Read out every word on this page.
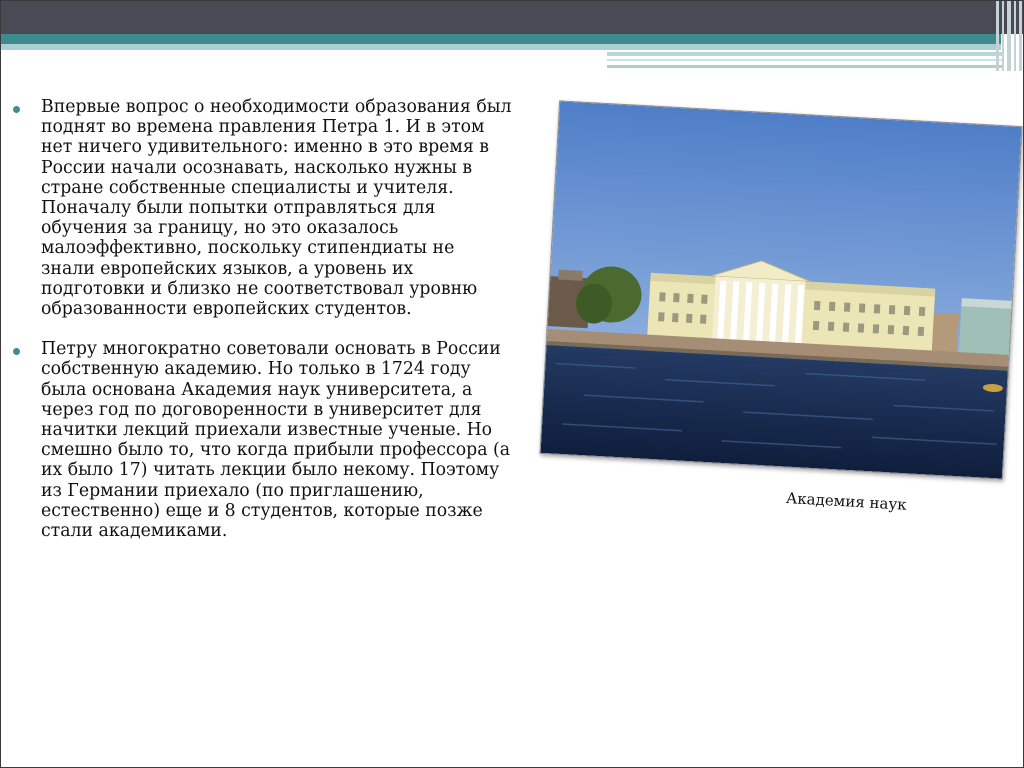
Впервые вопрос о необходимости образования был поднят во времена правления Петра 1. И в этом нет ничего удивительного: именно в это время в России начали осознавать, насколько нужны в стране собственные специалисты и учителя. Поначалу были попытки отправляться для обучения за границу, но это оказалось малоэффективно, поскольку стипендиаты не знали европейских языков, а уровень их подготовки и близко не соответствовал уровню образованности европейских студентов.

Петру многократно советовали основать в России собственную академию. Но только в 1724 году была основана Академия наук университета, а через год по договоренности в университет для начитки лекций приехали известные ученые. Но смешно было то, что когда прибыли профессора (а их было 17) читать лекции было некому. Поэтому из Германии приехало (по приглашению, естественно) еще и 8 студентов, которые позже стали академиками.

Академия наук
